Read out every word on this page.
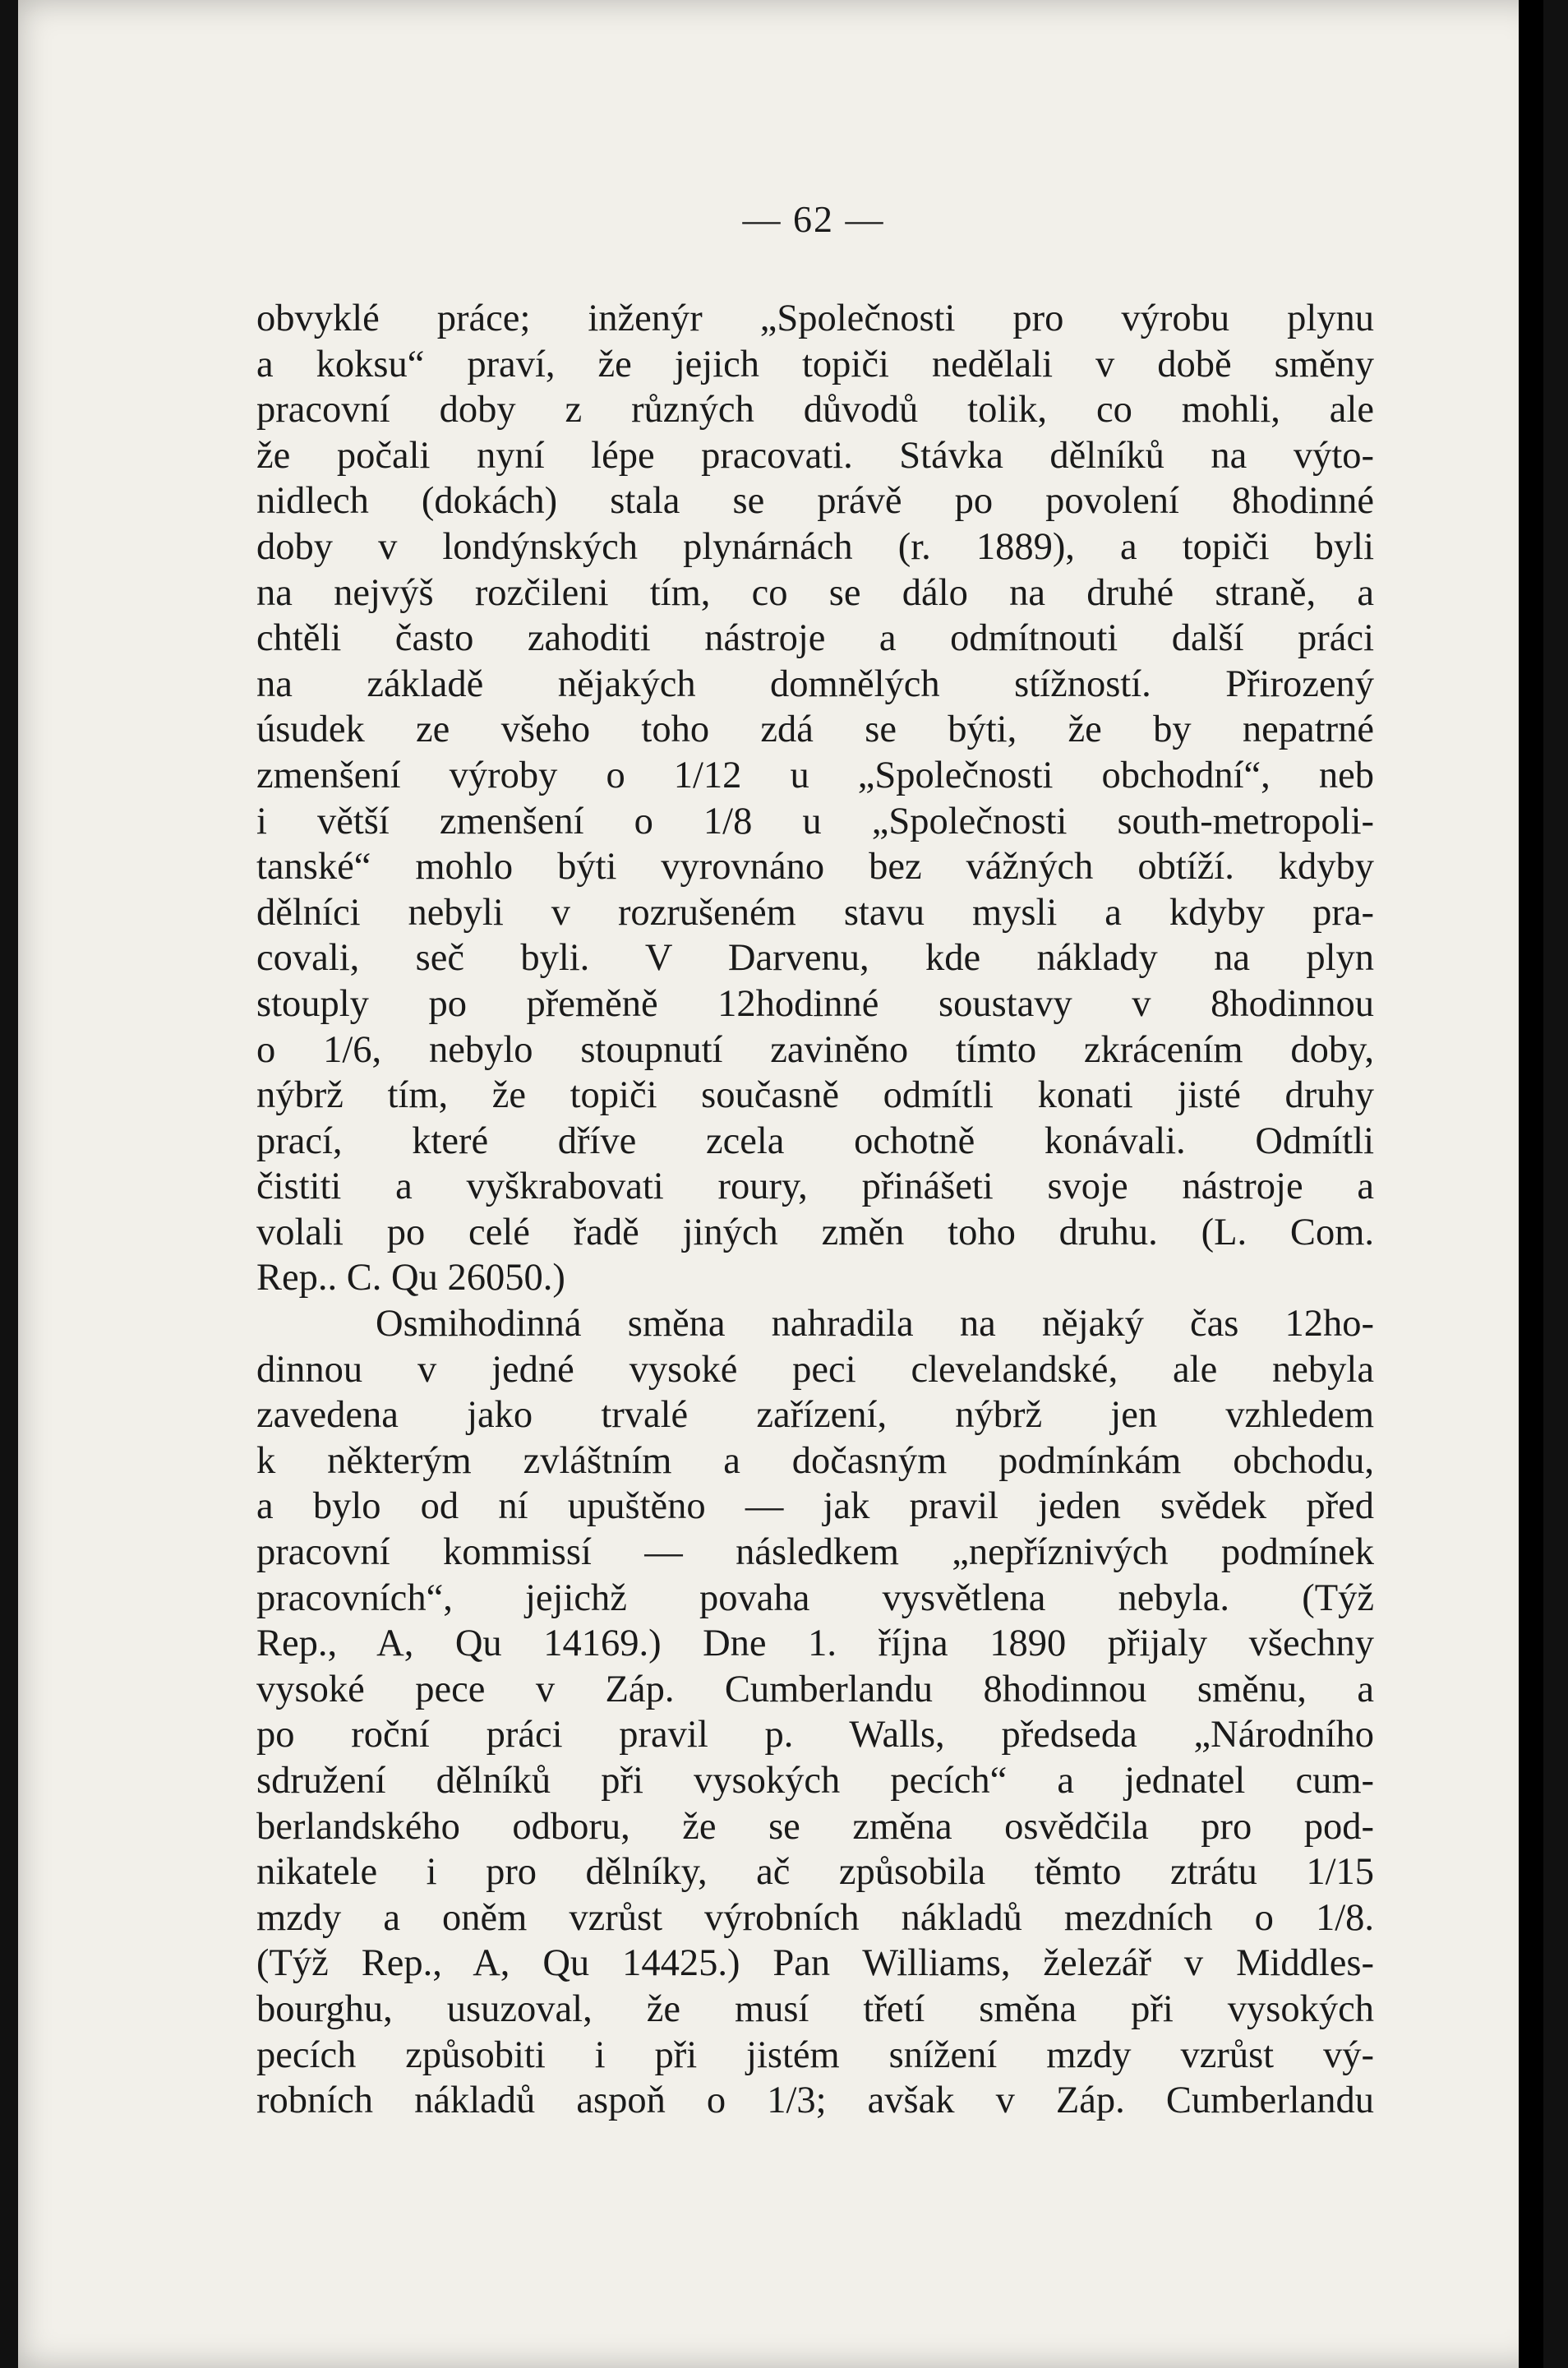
— 62 —
obvyklé práce; inženýr „Společnosti pro výrobu plynu
a koksu“ praví, že jejich topiči nedělali v době směny
pracovní doby z různých důvodů tolik, co mohli, ale
že počali nyní lépe pracovati. Stávka dělníků na výto-
nidlech (dokách) stala se právě po povolení 8hodinné
doby v londýnských plynárnách (r. 1889), a topiči byli
na nejvýš rozčileni tím, co se dálo na druhé straně, a
chtěli často zahoditi nástroje a odmítnouti další práci
na základě nějakých domnělých stížností. Přirozený
úsudek ze všeho toho zdá se býti, že by nepatrné
zmenšení výroby o 1/12 u „Společnosti obchodní“, neb
i větší zmenšení o 1/8 u „Společnosti south-metropoli-
tanské“ mohlo býti vyrovnáno bez vážných obtíží. kdyby
dělníci nebyli v rozrušeném stavu mysli a kdyby pra-
covali, seč byli. V Darvenu, kde náklady na plyn
stouply po přeměně 12hodinné soustavy v 8hodinnou
o 1/6, nebylo stoupnutí zaviněno tímto zkrácením doby,
nýbrž tím, že topiči současně odmítli konati jisté druhy
prací, které dříve zcela ochotně konávali. Odmítli
čistiti a vyškrabovati roury, přinášeti svoje nástroje a
volali po celé řadě jiných změn toho druhu. (L. Com.
Rep.. C. Qu 26050.)
Osmihodinná směna nahradila na nějaký čas 12ho-
dinnou v jedné vysoké peci clevelandské, ale nebyla
zavedena jako trvalé zařízení, nýbrž jen vzhledem
k některým zvláštním a dočasným podmínkám obchodu,
a bylo od ní upuštěno — jak pravil jeden svědek před
pracovní kommissí — následkem „nepříznivých podmínek
pracovních“, jejichž povaha vysvětlena nebyla. (Týž
Rep., A, Qu 14169.) Dne 1. října 1890 přijaly všechny
vysoké pece v Záp. Cumberlandu 8hodinnou směnu, a
po roční práci pravil p. Walls, předseda „Národního
sdružení dělníků při vysokých pecích“ a jednatel cum-
berlandského odboru, že se změna osvědčila pro pod-
nikatele i pro dělníky, ač způsobila těmto ztrátu 1/15
mzdy a oněm vzrůst výrobních nákladů mezdních o 1/8.
(Týž Rep., A, Qu 14425.) Pan Williams, železář v Middles-
bourghu, usuzoval, že musí třetí směna při vysokých
pecích způsobiti i při jistém snížení mzdy vzrůst vý-
robních nákladů aspoň o 1/3; avšak v Záp. Cumberlandu
